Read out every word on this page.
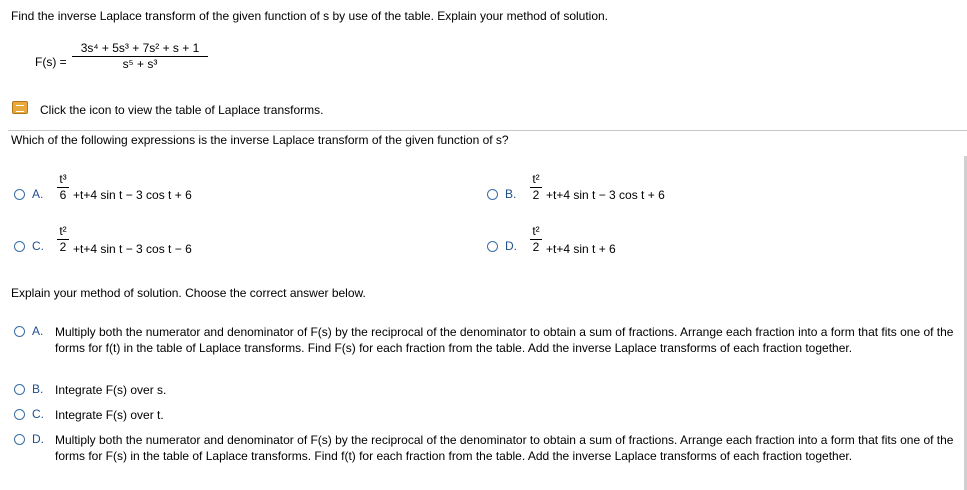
Find the inverse Laplace transform of the given function of s by use of the table. Explain your method of solution.
F(s) =
3s⁴ + 5s³ + 7s² + s + 1
s⁵ + s³
Click the icon to view the table of Laplace transforms.
Which of the following expressions is the inverse Laplace transform of the given function of s?
A.
t³
6 +t+4 sin t − 3 cos t + 6	B.
t²
2 +t+4 sin t − 3 cos t + 6
C.
t²
2 +t+4 sin t − 3 cos t − 6	D.
t²
2 +t+4 sin t + 6
Explain your method of solution. Choose the correct answer below.
A. Multiply both the numerator and denominator of F(s) by the reciprocal of the denominator to obtain a sum of fractions. Arrange each fraction into a form that fits one of the forms for f(t) in the table of Laplace transforms. Find F(s) for each fraction from the table. Add the inverse Laplace transforms of each fraction together.
B. Integrate F(s) over s.
C. Integrate F(s) over t.
D. Multiply both the numerator and denominator of F(s) by the reciprocal of the denominator to obtain a sum of fractions. Arrange each fraction into a form that fits one of the forms for F(s) in the table of Laplace transforms. Find f(t) for each fraction from the table. Add the inverse Laplace transforms of each fraction together.
